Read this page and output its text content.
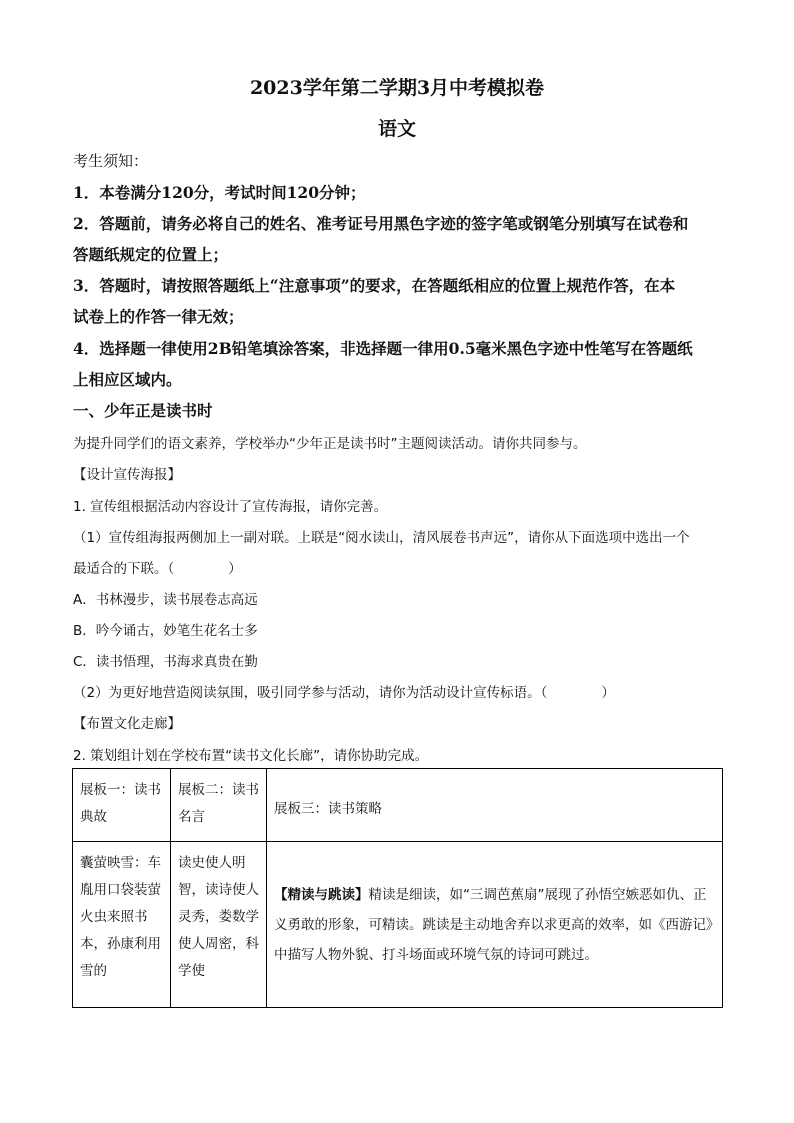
2023学年第二学期3月中考模拟卷
语文
考生须知：
1．本卷满分120分，考试时间120分钟；
2．答题前，请务必将自己的姓名、准考证号用黑色字迹的签字笔或钢笔分别填写在试卷和
答题纸规定的位置上；
3．答题时，请按照答题纸上“注意事项”的要求，在答题纸相应的位置上规范作答，在本
试卷上的作答一律无效；
4．选择题一律使用2B铅笔填涂答案，非选择题一律用0.5毫米黑色字迹中性笔写在答题纸
上相应区域内。
一、少年正是读书时
为提升同学们的语文素养，学校举办“少年正是读书时”主题阅读活动。请你共同参与。
【设计宣传海报】
1. 宣传组根据活动内容设计了宣传海报，请你完善。
（1）宣传组海报两侧加上一副对联。上联是“阅水读山，清风展卷书声远”，请你从下面选项中选出一个
最适合的下联。（　　　　）
A．书林漫步，读书展卷志高远
B．吟今诵古，妙笔生花名士多
C．读书悟理，书海求真贵在勤
（2）为更好地营造阅读氛围，吸引同学参与活动，请你为活动设计宣传标语。（　　　　）
【布置文化走廊】
2. 策划组计划在学校布置“读书文化长廊”，请你协助完成。
展板一：读书典故	展板二：读书名言	展板三：读书策略
囊萤映雪：车胤用口袋装萤火虫来照书本，孙康利用雪的	读史使人明智，读诗使人灵秀，娄数学使人周密，科学使	【精读与跳读】精读是细读，如“三调芭蕉扇”展现了孙悟空嫉恶如仇、正义勇敢的形象，可精读。跳读是主动地舍弃以求更高的效率，如《西游记》中描写人物外貌、打斗场面或环境气氛的诗词可跳过。
